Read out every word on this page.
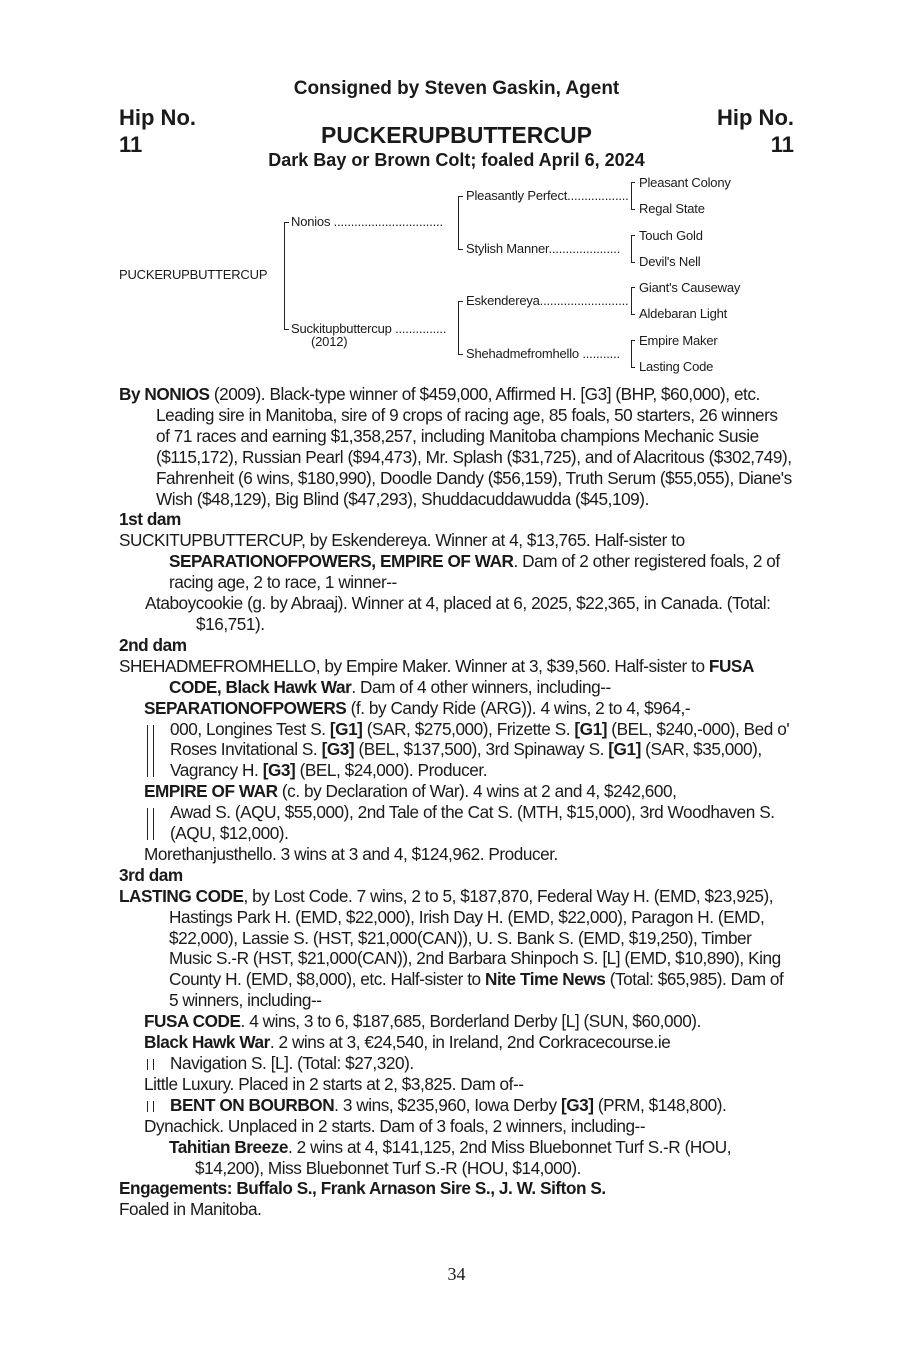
Consigned by Steven Gaskin, Agent
Hip No.
11
Hip No.
11
PUCKERUPBUTTERCUP
Dark Bay or Brown Colt; foaled April 6, 2024
PUCKERUPBUTTERCUP
Nonios ................................
Suckitupbuttercup ...............
(2012)
Pleasantly Perfect..................
Stylish Manner.....................
Eskendereya..........................
Shehadmefromhello ...........
Pleasant Colony
Regal State
Touch Gold
Devil's Nell
Giant's Causeway
Aldebaran Light
Empire Maker
Lasting Code

By NONIOS (2009). Black-type winner of $459,000, Affirmed H. [G3] (BHP, $60,000), etc. Leading sire in Manitoba, sire of 9 crops of racing age, 85 foals, 50 starters, 26 winners of 71 races and earning $1,358,257, including Manitoba champions Mechanic Susie ($115,172), Russian Pearl ($94,473), Mr. Splash ($31,725), and of Alacritous ($302,749), Fahrenheit (6 wins, $180,990), Doodle Dandy ($56,159), Truth Serum ($55,055), Diane's Wish ($48,129), Big Blind ($47,293), Shuddacuddawudda ($45,109).

1st dam

SUCKITUPBUTTERCUP, by Eskendereya. Winner at 4, $13,765. Half-sister to SEPARATIONOFPOWERS, EMPIRE OF WAR. Dam of 2 other registered foals, 2 of racing age, 2 to race, 1 winner--

Ataboycookie (g. by Abraaj). Winner at 4, placed at 6, 2025, $22,365, in Canada. (Total: $16,751).

2nd dam

SHEHADMEFROMHELLO, by Empire Maker. Winner at 3, $39,560. Half-sister to FUSA CODE, Black Hawk War. Dam of 4 other winners, including--

SEPARATIONOFPOWERS (f. by Candy Ride (ARG)). 4 wins, 2 to 4, $964,-

000, Longines Test S. [G1] (SAR, $275,000), Frizette S. [G1] (BEL, $240,-000), Bed o' Roses Invitational S. [G3] (BEL, $137,500), 3rd Spinaway S. [G1] (SAR, $35,000), Vagrancy H. [G3] (BEL, $24,000). Producer.

EMPIRE OF WAR (c. by Declaration of War). 4 wins at 2 and 4, $242,600,

Awad S. (AQU, $55,000), 2nd Tale of the Cat S. (MTH, $15,000), 3rd Woodhaven S. (AQU, $12,000).

Morethanjusthello. 3 wins at 3 and 4, $124,962. Producer.

3rd dam

LASTING CODE, by Lost Code. 7 wins, 2 to 5, $187,870, Federal Way H. (EMD, $23,925), Hastings Park H. (EMD, $22,000), Irish Day H. (EMD, $22,000), Paragon H. (EMD, $22,000), Lassie S. (HST, $21,000(CAN)), U. S. Bank S. (EMD, $19,250), Timber Music S.-R (HST, $21,000(CAN)), 2nd Barbara Shinpoch S. [L] (EMD, $10,890), King County H. (EMD, $8,000), etc. Half-sister to Nite Time News (Total: $65,985). Dam of 5 winners, including--

FUSA CODE. 4 wins, 3 to 6, $187,685, Borderland Derby [L] (SUN, $60,000).

Black Hawk War. 2 wins at 3, €24,540, in Ireland, 2nd Corkracecourse.ie

Navigation S. [L]. (Total: $27,320).

Little Luxury. Placed in 2 starts at 2, $3,825. Dam of--

BENT ON BOURBON. 3 wins, $235,960, Iowa Derby [G3] (PRM, $148,800).

Dynachick. Unplaced in 2 starts. Dam of 3 foals, 2 winners, including--

Tahitian Breeze. 2 wins at 4, $141,125, 2nd Miss Bluebonnet Turf S.-R (HOU, $14,200), Miss Bluebonnet Turf S.-R (HOU, $14,000).

Engagements: Buffalo S., Frank Arnason Sire S., J. W. Sifton S.

Foaled in Manitoba.

34
